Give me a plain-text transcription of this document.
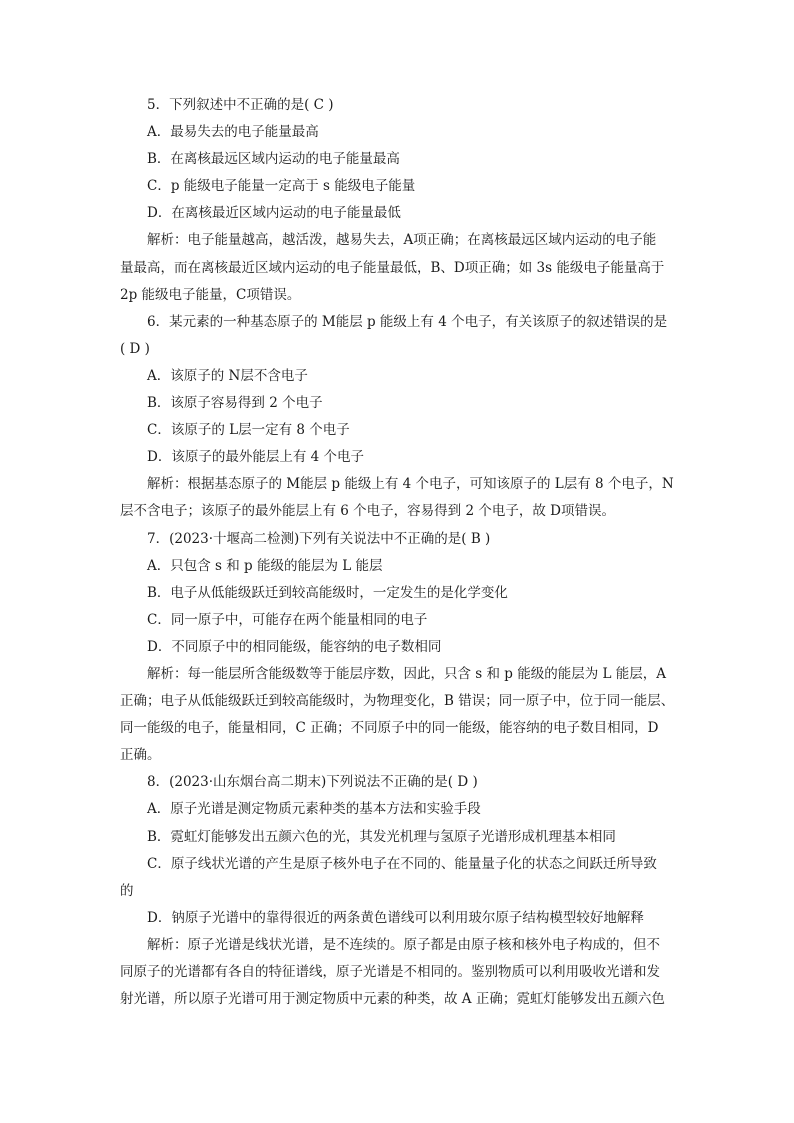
5．下列叙述中不正确的是( C )

A．最易失去的电子能量最高

B．在离核最远区域内运动的电子能量最高

C．p 能级电子能量一定高于 s 能级电子能量

D．在离核最近区域内运动的电子能量最低

解析：电子能量越高，越活泼，越易失去，A项正确；在离核最远区域内运动的电子能

量最高，而在离核最近区域内运动的电子能量最低，B、D项正确；如 3s 能级电子能量高于

2p 能级电子能量，C项错误。

6．某元素的一种基态原子的 M能层 p 能级上有 4 个电子，有关该原子的叙述错误的是

( D )

A．该原子的 N层不含电子

B．该原子容易得到 2 个电子

C．该原子的 L层一定有 8 个电子

D．该原子的最外能层上有 4 个电子

解析：根据基态原子的 M能层 p 能级上有 4 个电子，可知该原子的 L层有 8 个电子，N

层不含电子；该原子的最外能层上有 6 个电子，容易得到 2 个电子，故 D项错误。

7．(2023·十堰高二检测)下列有关说法中不正确的是( B )

A．只包含 s 和 p 能级的能层为 L 能层

B．电子从低能级跃迁到较高能级时，一定发生的是化学变化

C．同一原子中，可能存在两个能量相同的电子

D．不同原子中的相同能级，能容纳的电子数相同

解析：每一能层所含能级数等于能层序数，因此，只含 s 和 p 能级的能层为 L 能层，A

正确；电子从低能级跃迁到较高能级时，为物理变化，B 错误；同一原子中，位于同一能层、

同一能级的电子，能量相同，C 正确；不同原子中的同一能级，能容纳的电子数目相同，D

正确。

8．(2023·山东烟台高二期末)下列说法不正确的是( D )

A．原子光谱是测定物质元素种类的基本方法和实验手段

B．霓虹灯能够发出五颜六色的光，其发光机理与氢原子光谱形成机理基本相同

C．原子线状光谱的产生是原子核外电子在不同的、能量量子化的状态之间跃迁所导致

的

D．钠原子光谱中的靠得很近的两条黄色谱线可以利用玻尔原子结构模型较好地解释

解析：原子光谱是线状光谱，是不连续的。原子都是由原子核和核外电子构成的，但不

同原子的光谱都有各自的特征谱线，原子光谱是不相同的。鉴别物质可以利用吸收光谱和发

射光谱，所以原子光谱可用于测定物质中元素的种类，故 A 正确；霓虹灯能够发出五颜六色
